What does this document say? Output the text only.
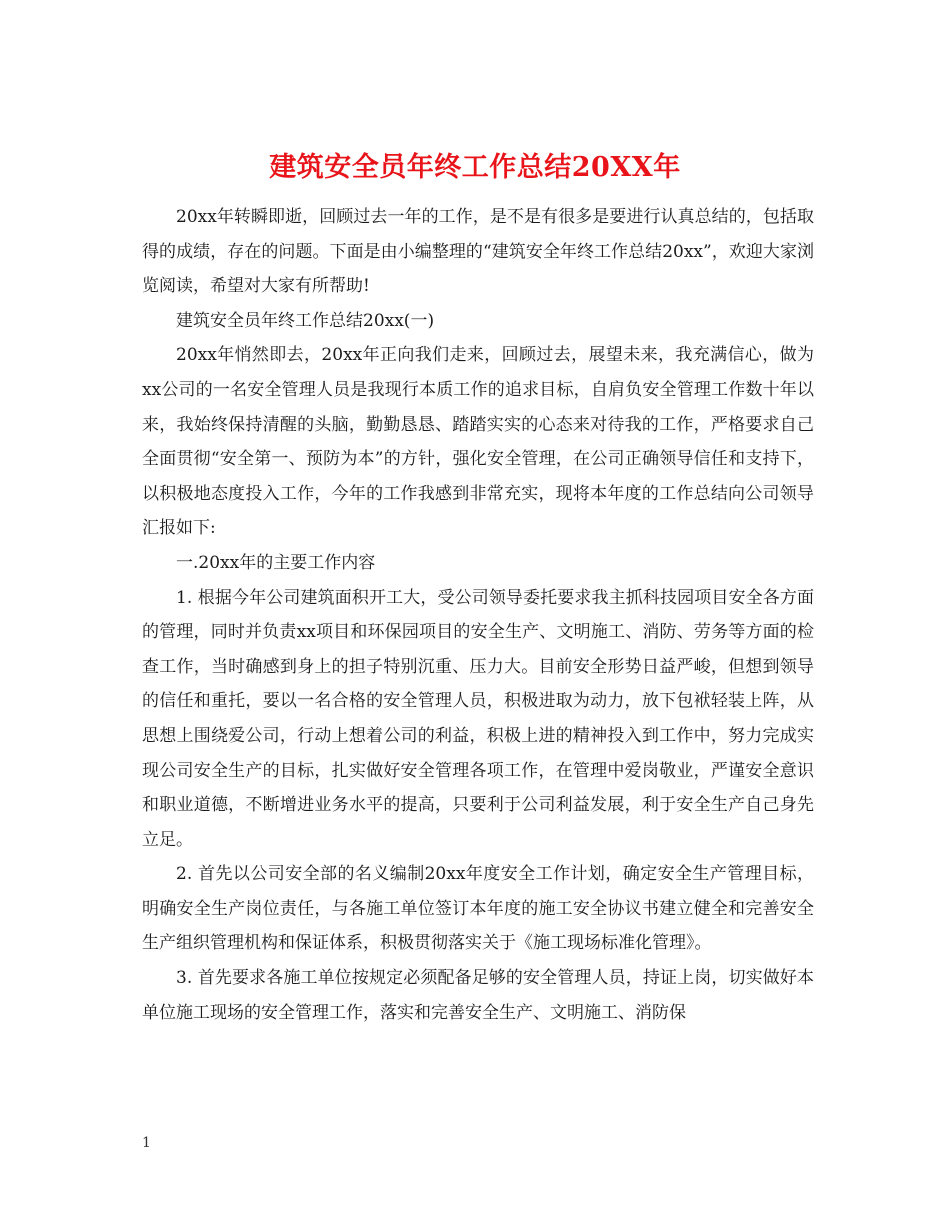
建筑安全员年终工作总结20XX年

20xx年转瞬即逝，回顾过去一年的工作，是不是有很多是要进行认真总结的，包括取得的成绩，存在的问题。下面是由小编整理的“建筑安全年终工作总结20xx”，欢迎大家浏览阅读，希望对大家有所帮助!

建筑安全员年终工作总结20xx(一)

20xx年悄然即去，20xx年正向我们走来，回顾过去，展望未来，我充满信心，做为xx公司的一名安全管理人员是我现行本质工作的追求目标，自肩负安全管理工作数十年以来，我始终保持清醒的头脑，勤勤恳恳、踏踏实实的心态来对待我的工作，严格要求自己全面贯彻“安全第一、预防为本”的方针，强化安全管理，在公司正确领导信任和支持下，以积极地态度投入工作，今年的工作我感到非常充实，现将本年度的工作总结向公司领导汇报如下:

一.20xx年的主要工作内容

1. 根据今年公司建筑面积开工大，受公司领导委托要求我主抓科技园项目安全各方面的管理，同时并负责xx项目和环保园项目的安全生产、文明施工、消防、劳务等方面的检查工作，当时确感到身上的担子特别沉重、压力大。目前安全形势日益严峻，但想到领导的信任和重托，要以一名合格的安全管理人员，积极进取为动力，放下包袱轻装上阵，从思想上围绕爱公司，行动上想着公司的利益，积极上进的精神投入到工作中，努力完成实现公司安全生产的目标，扎实做好安全管理各项工作，在管理中爱岗敬业，严谨安全意识和职业道德，不断增进业务水平的提高，只要利于公司利益发展，利于安全生产自己身先立足。

2. 首先以公司安全部的名义编制20xx年度安全工作计划，确定安全生产管理目标，明确安全生产岗位责任，与各施工单位签订本年度的施工安全协议书建立健全和完善安全生产组织管理机构和保证体系，积极贯彻落实关于《施工现场标准化管理》。

3. 首先要求各施工单位按规定必须配备足够的安全管理人员，持证上岗，切实做好本单位施工现场的安全管理工作，落实和完善安全生产、文明施工、消防保

1
